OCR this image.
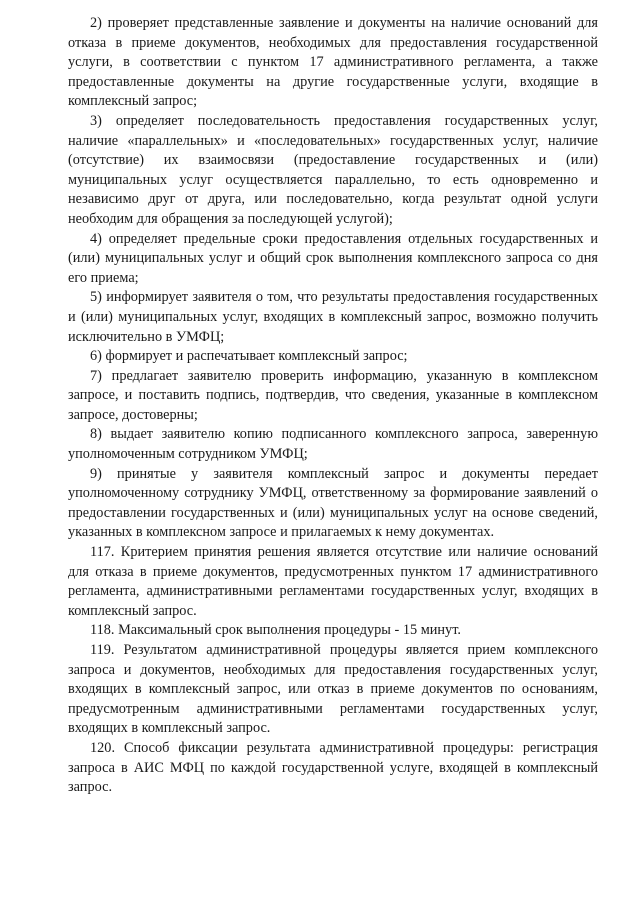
2) проверяет представленные заявление и документы на наличие оснований для отказа в приеме документов, необходимых для предоставления государственной услуги, в соответствии с пунктом 17 административного регламента, а также предоставленные документы на другие государственные услуги, входящие в комплексный запрос;

3) определяет последовательность предоставления государственных услуг, наличие «параллельных» и «последовательных» государственных услуг, наличие (отсутствие) их взаимосвязи (предоставление государственных и (или) муниципальных услуг осуществляется параллельно, то есть одновременно и независимо друг от друга, или последовательно, когда результат одной услуги необходим для обращения за последующей услугой);

4) определяет предельные сроки предоставления отдельных государственных и (или) муниципальных услуг и общий срок выполнения комплексного запроса со дня его приема;

5) информирует заявителя о том, что результаты предоставления государственных и (или) муниципальных услуг, входящих в комплексный запрос, возможно получить исключительно в УМФЦ;

6) формирует и распечатывает комплексный запрос;

7) предлагает заявителю проверить информацию, указанную в комплексном запросе, и поставить подпись, подтвердив, что сведения, указанные в комплексном запросе, достоверны;

8) выдает заявителю копию подписанного комплексного запроса, заверенную уполномоченным сотрудником УМФЦ;

9) принятые у заявителя комплексный запрос и документы передает уполномоченному сотруднику УМФЦ, ответственному за формирование заявлений о предоставлении государственных и (или) муниципальных услуг на основе сведений, указанных в комплексном запросе и прилагаемых к нему документах.

117. Критерием принятия решения является отсутствие или наличие оснований для отказа в приеме документов, предусмотренных пунктом 17 административного регламента, административными регламентами государственных услуг, входящих в комплексный запрос.

118. Максимальный срок выполнения процедуры - 15 минут.

119. Результатом административной процедуры является прием комплексного запроса и документов, необходимых для предоставления государственных услуг, входящих в комплексный запрос, или отказ в приеме документов по основаниям, предусмотренным административными регламентами государственных услуг, входящих в комплексный запрос.

120. Способ фиксации результата административной процедуры: регистрация запроса в АИС МФЦ по каждой государственной услуге, входящей в комплексный запрос.
